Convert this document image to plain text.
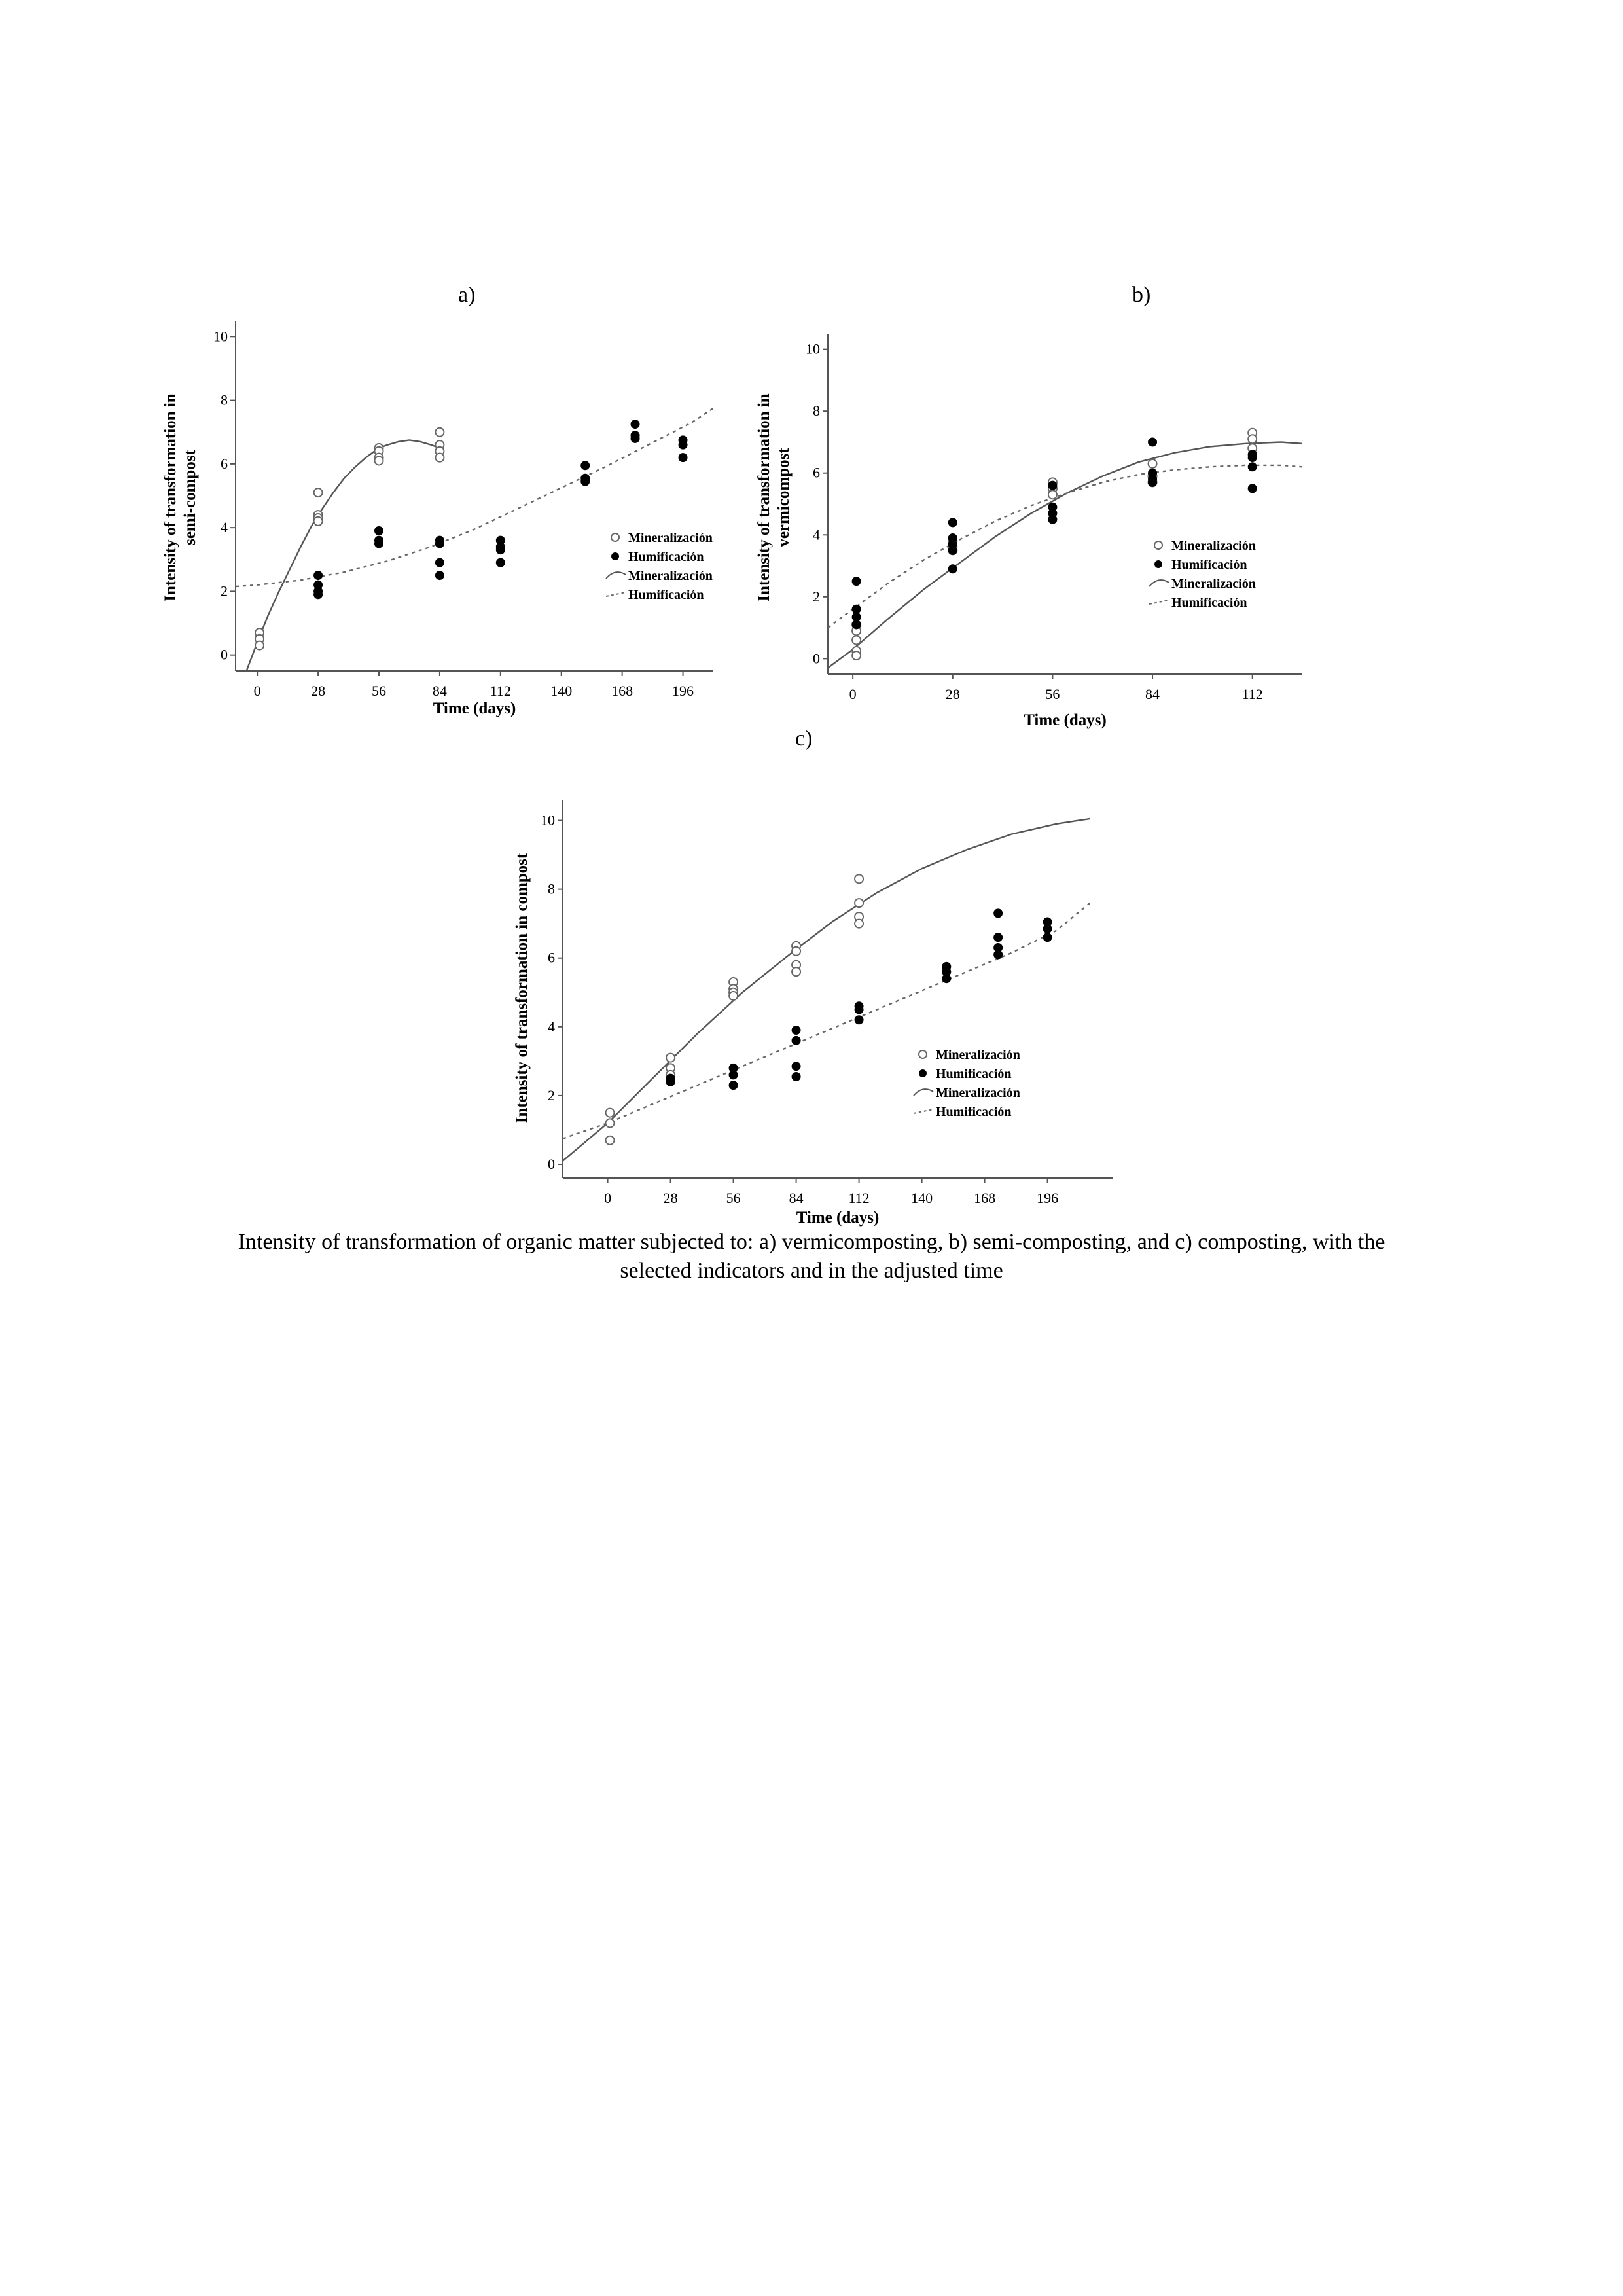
a)	b)
c)
0	28	56	84	112	140	168	196
0
2
4
6
8
10
Time (days)
Intensity of transformation in semi-compost	Mineralización
Humificación
Mineralización
Humificación
0	28	56	84	112
0
2
4
6
8
10
Time (days)
Intensity of transformation in vermicompost	Mineralización
Humificación
Mineralización
Humificación
0	28	56	84	112	140	168	196
0
2
4
6
8
10
Time (days)
Intensity of transformation in compost	Mineralización
Humificación
Mineralización
Humificación
Intensity of transformation of organic matter subjected to: a) vermicomposting, b) semi-composting, and c) composting, with the
selected indicators and in the adjusted time
